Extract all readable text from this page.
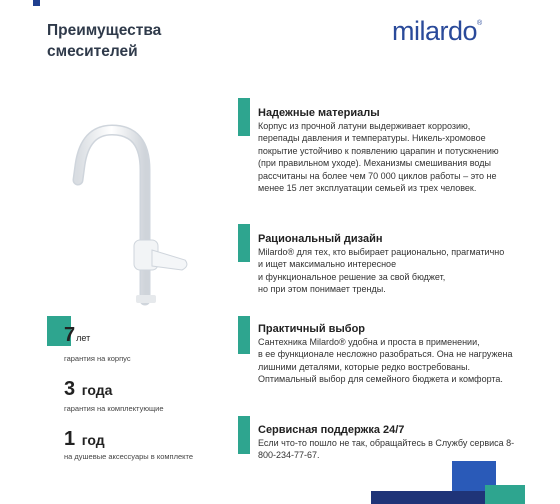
Преимущества
смесителей
milardo®
Надежные материалы
Корпус из прочной латуни выдерживает коррозию,
перепады давления и температуры. Никель-хромовое
покрытие устойчиво к появлению царапин и потускнению
(при правильном уходе). Механизмы смешивания воды
рассчитаны на более чем 70 000 циклов работы – это не
менее 15 лет эксплуатации семьей из трех человек.
Рациональный дизайн
Milardo® для тех, кто выбирает рационально, прагматично
и ищет максимально интересное
и функциональное решение за свой бюджет,
но при этом понимает тренды.
Практичный выбор
Сантехника Milardo® удобна и проста в применении,
в ее функционале несложно разобраться. Она не нагружена
лишними деталями, которые редко востребованы.
Оптимальный выбор для семейного бюджета и комфорта.
Сервисная поддержка 24/7
Если что-то пошло не так, обращайтесь в Службу сервиса 8-
800-234-77-67.
7лет
гарантия на корпус
3 года
гарантия на комплектующие
1 год
на душевые аксессуары в комплекте
